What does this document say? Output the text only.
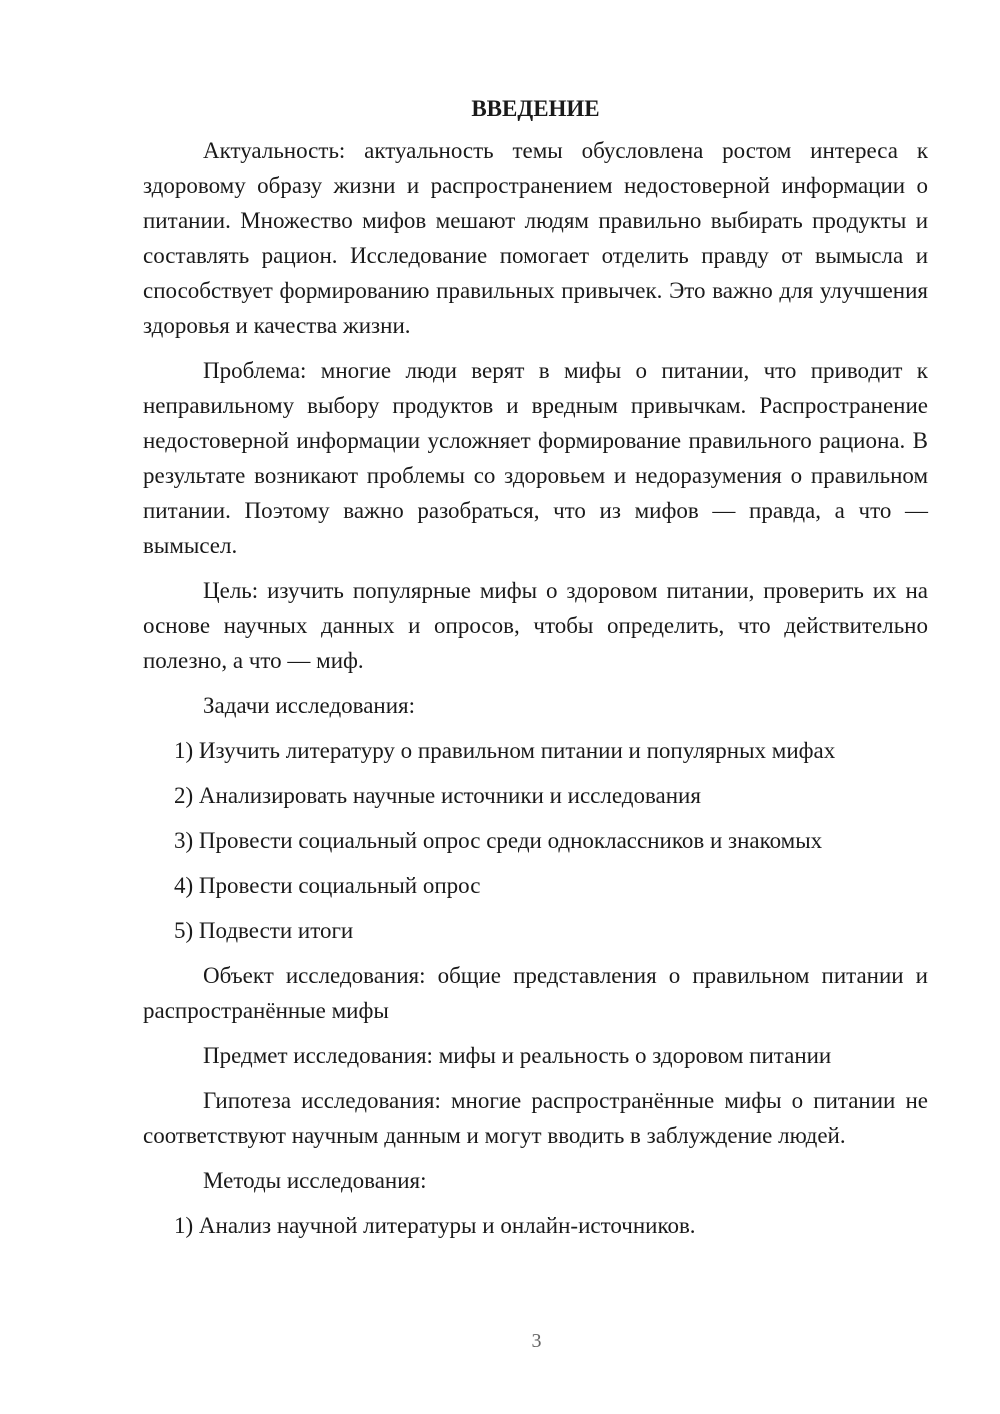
ВВЕДЕНИЕ

Актуальность: актуальность темы обусловлена ростом интереса к здоровому образу жизни и распространением недостоверной информации о питании. Множество мифов мешают людям правильно выбирать продукты и составлять рацион. Исследование помогает отделить правду от вымысла и способствует формированию правильных привычек. Это важно для улучшения здоровья и качества жизни.

Проблема: многие люди верят в мифы о питании, что приводит к неправильному выбору продуктов и вредным привычкам. Распространение недостоверной информации усложняет формирование правильного рациона. В результате возникают проблемы со здоровьем и недоразумения о правильном питании. Поэтому важно разобраться, что из мифов — правда, а что — вымысел.

Цель: изучить популярные мифы о здоровом питании, проверить их на основе научных данных и опросов, чтобы определить, что действительно полезно, а что — миф.

Задачи исследования:

1) Изучить литературу о правильном питании и популярных мифах

2) Анализировать научные источники и исследования

3) Провести социальный опрос среди одноклассников и знакомых

4) Провести социальный опрос

5) Подвести итоги

Объект исследования: общие представления о правильном питании и распространённые мифы

Предмет исследования: мифы и реальность о здоровом питании

Гипотеза исследования: многие распространённые мифы о питании не соответствуют научным данным и могут вводить в заблуждение людей.

Методы исследования:

1) Анализ научной литературы и онлайн-источников.

3
